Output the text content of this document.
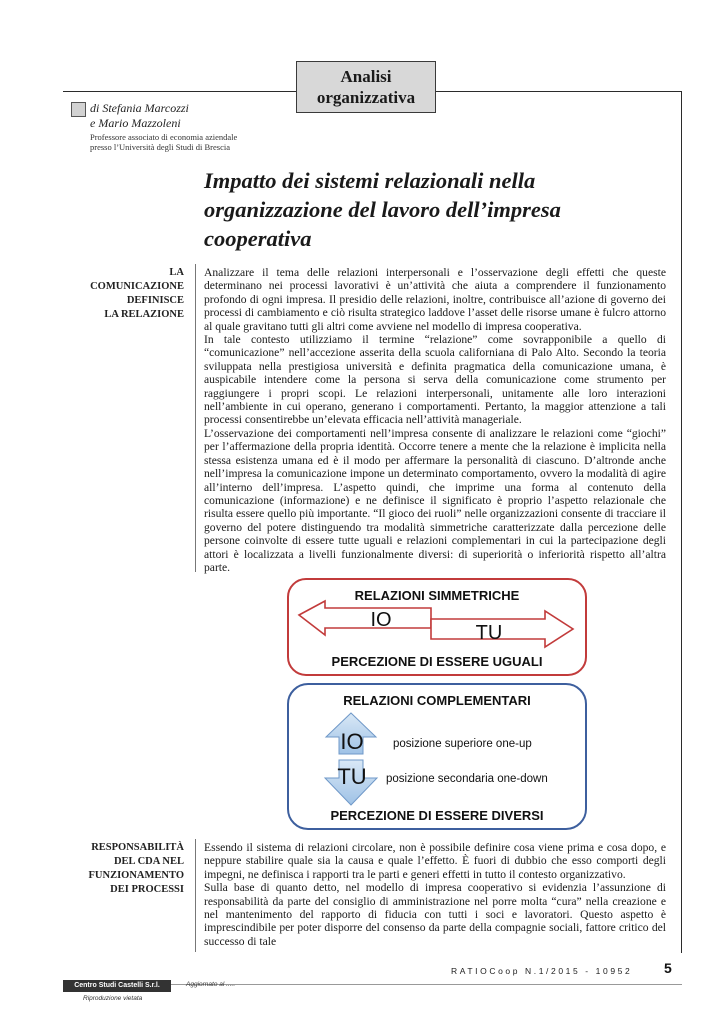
Analisi
organizzativa
di Stefania Marcozzi
e Mario Mazzoleni
Professore associato di economia aziendale
presso l’Università degli Studi di Brescia
Impatto dei sistemi relazionali nella
organizzazione del lavoro dell’impresa
cooperativa
LA
COMUNICAZIONE
DEFINISCE
LA RELAZIONE

Analizzare il tema delle relazioni interpersonali e l’osservazione degli effetti che queste determinano nei processi lavorativi è un’attività che aiuta a comprendere il funzionamento profondo di ogni impresa. Il presidio delle relazioni, inoltre, contribuisce all’azione di governo dei processi di cambiamento e ciò risulta strategico laddove l’asset delle risorse umane è fulcro attorno al quale gravitano tutti gli altri come avviene nel modello di impresa cooperativa.

In tale contesto utilizziamo il termine “relazione” come sovrapponibile a quello di “comunicazione” nell’accezione asserita della scuola californiana di Palo Alto. Secondo la teoria sviluppata nella prestigiosa università e definita pragmatica della comunicazione umana, è auspicabile intendere come la persona si serva della comunicazione come strumento per raggiungere i propri scopi. Le relazioni interpersonali, unitamente alle loro interazioni nell’ambiente in cui operano, generano i comportamenti. Pertanto, la maggior attenzione a tali processi consentirebbe un’elevata efficacia nell’attività manageriale.

L’osservazione dei comportamenti nell’impresa consente di analizzare le relazioni come “giochi” per l’affermazione della propria identità. Occorre tenere a mente che la relazione è implicita nella stessa esistenza umana ed è il modo per affermare la personalità di ciascuno. D’altronde anche nell’impresa la comunicazione impone un determinato comportamento, ovvero la modalità di agire all’interno dell’impresa. L’aspetto quindi, che imprime una forma al contenuto della comunicazione (informazione) e ne definisce il significato è proprio l’aspetto relazionale che risulta essere quello più importante. “Il gioco dei ruoli” nelle organizzazioni consente di tracciare il governo del potere distinguendo tra modalità simmetriche caratterizzate dalla percezione delle persone coinvolte di essere tutte uguali e relazioni complementari in cui la partecipazione degli attori è localizzata a livelli funzionalmente diversi: di superiorità o inferiorità rispetto all’altra parte.

RELAZIONI SIMMETRICHE
IO
TU
PERCEZIONE DI ESSERE UGUALI
RELAZIONI COMPLEMENTARI
IO	posizione superiore one-up
TU posizione secondaria one-down
PERCEZIONE DI ESSERE DIVERSI
RESPONSABILITÀ
DEL CDA NEL
FUNZIONAMENTO
DEI PROCESSI

Essendo il sistema di relazioni circolare, non è possibile definire cosa viene prima e cosa dopo, e neppure stabilire quale sia la causa e quale l’effetto. È fuori di dubbio che esso comporti degli impegni, ne definisca i rapporti tra le parti e generi effetti in tutto il contesto organizzativo.

Sulla base di quanto detto, nel modello di impresa cooperativo si evidenzia l’assunzione di responsabilità da parte del consiglio di amministrazione nel porre molta “cura” nella creazione e nel mantenimento del rapporto di fiducia con tutti i soci e lavoratori. Questo aspetto è imprescindibile per poter disporre del consenso da parte della compagnie sociali, fattore critico del successo di tale

RATIOCoop N.1/2015 - 10952	5
Centro Studi Castelli S.r.l.	Aggiornato al .....
Riproduzione vietata
